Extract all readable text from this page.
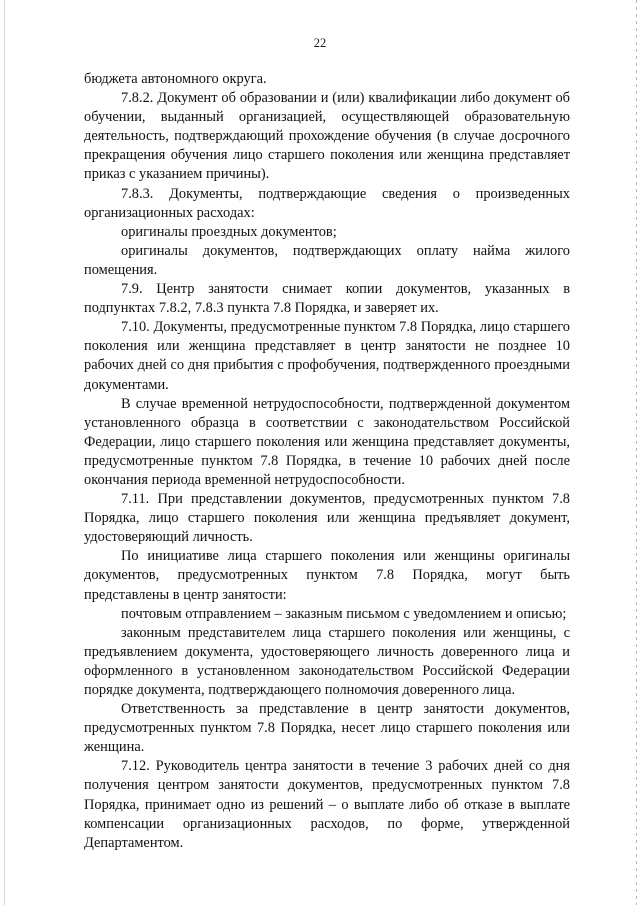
22

бюджета автономного округа.

7.8.2. Документ об образовании и (или) квалификации либо документ об обучении, выданный организацией, осуществляющей образовательную деятельность, подтверждающий прохождение обучения (в случае досрочного прекращения обучения лицо старшего поколения или женщина представляет приказ с указанием причины).

7.8.3. Документы, подтверждающие сведения о произведенных организационных расходах:

оригиналы проездных документов;

оригиналы документов, подтверждающих оплату найма жилого помещения.

7.9. Центр занятости снимает копии документов, указанных в подпунктах 7.8.2, 7.8.3 пункта 7.8 Порядка, и заверяет их.

7.10. Документы, предусмотренные пунктом 7.8 Порядка, лицо старшего поколения или женщина представляет в центр занятости не позднее 10 рабочих дней со дня прибытия с профобучения, подтвержденного проездными документами.

В случае временной нетрудоспособности, подтвержденной документом установленного образца в соответствии с законодательством Российской Федерации, лицо старшего поколения или женщина представляет документы, предусмотренные пунктом 7.8 Порядка, в течение 10 рабочих дней после окончания периода временной нетрудоспособности.

7.11. При представлении документов, предусмотренных пунктом 7.8 Порядка, лицо старшего поколения или женщина предъявляет документ, удостоверяющий личность.

По инициативе лица старшего поколения или женщины оригиналы документов, предусмотренных пунктом 7.8 Порядка, могут быть представлены в центр занятости:

почтовым отправлением – заказным письмом с уведомлением и описью;

законным представителем лица старшего поколения или женщины, с предъявлением документа, удостоверяющего личность доверенного лица и оформленного в установленном законодательством Российской Федерации порядке документа, подтверждающего полномочия доверенного лица.

Ответственность за представление в центр занятости документов, предусмотренных пунктом 7.8 Порядка, несет лицо старшего поколения или женщина.

7.12. Руководитель центра занятости в течение 3 рабочих дней со дня получения центром занятости документов, предусмотренных пунктом 7.8 Порядка, принимает одно из решений – о выплате либо об отказе в выплате компенсации организационных расходов, по форме, утвержденной Департаментом.
